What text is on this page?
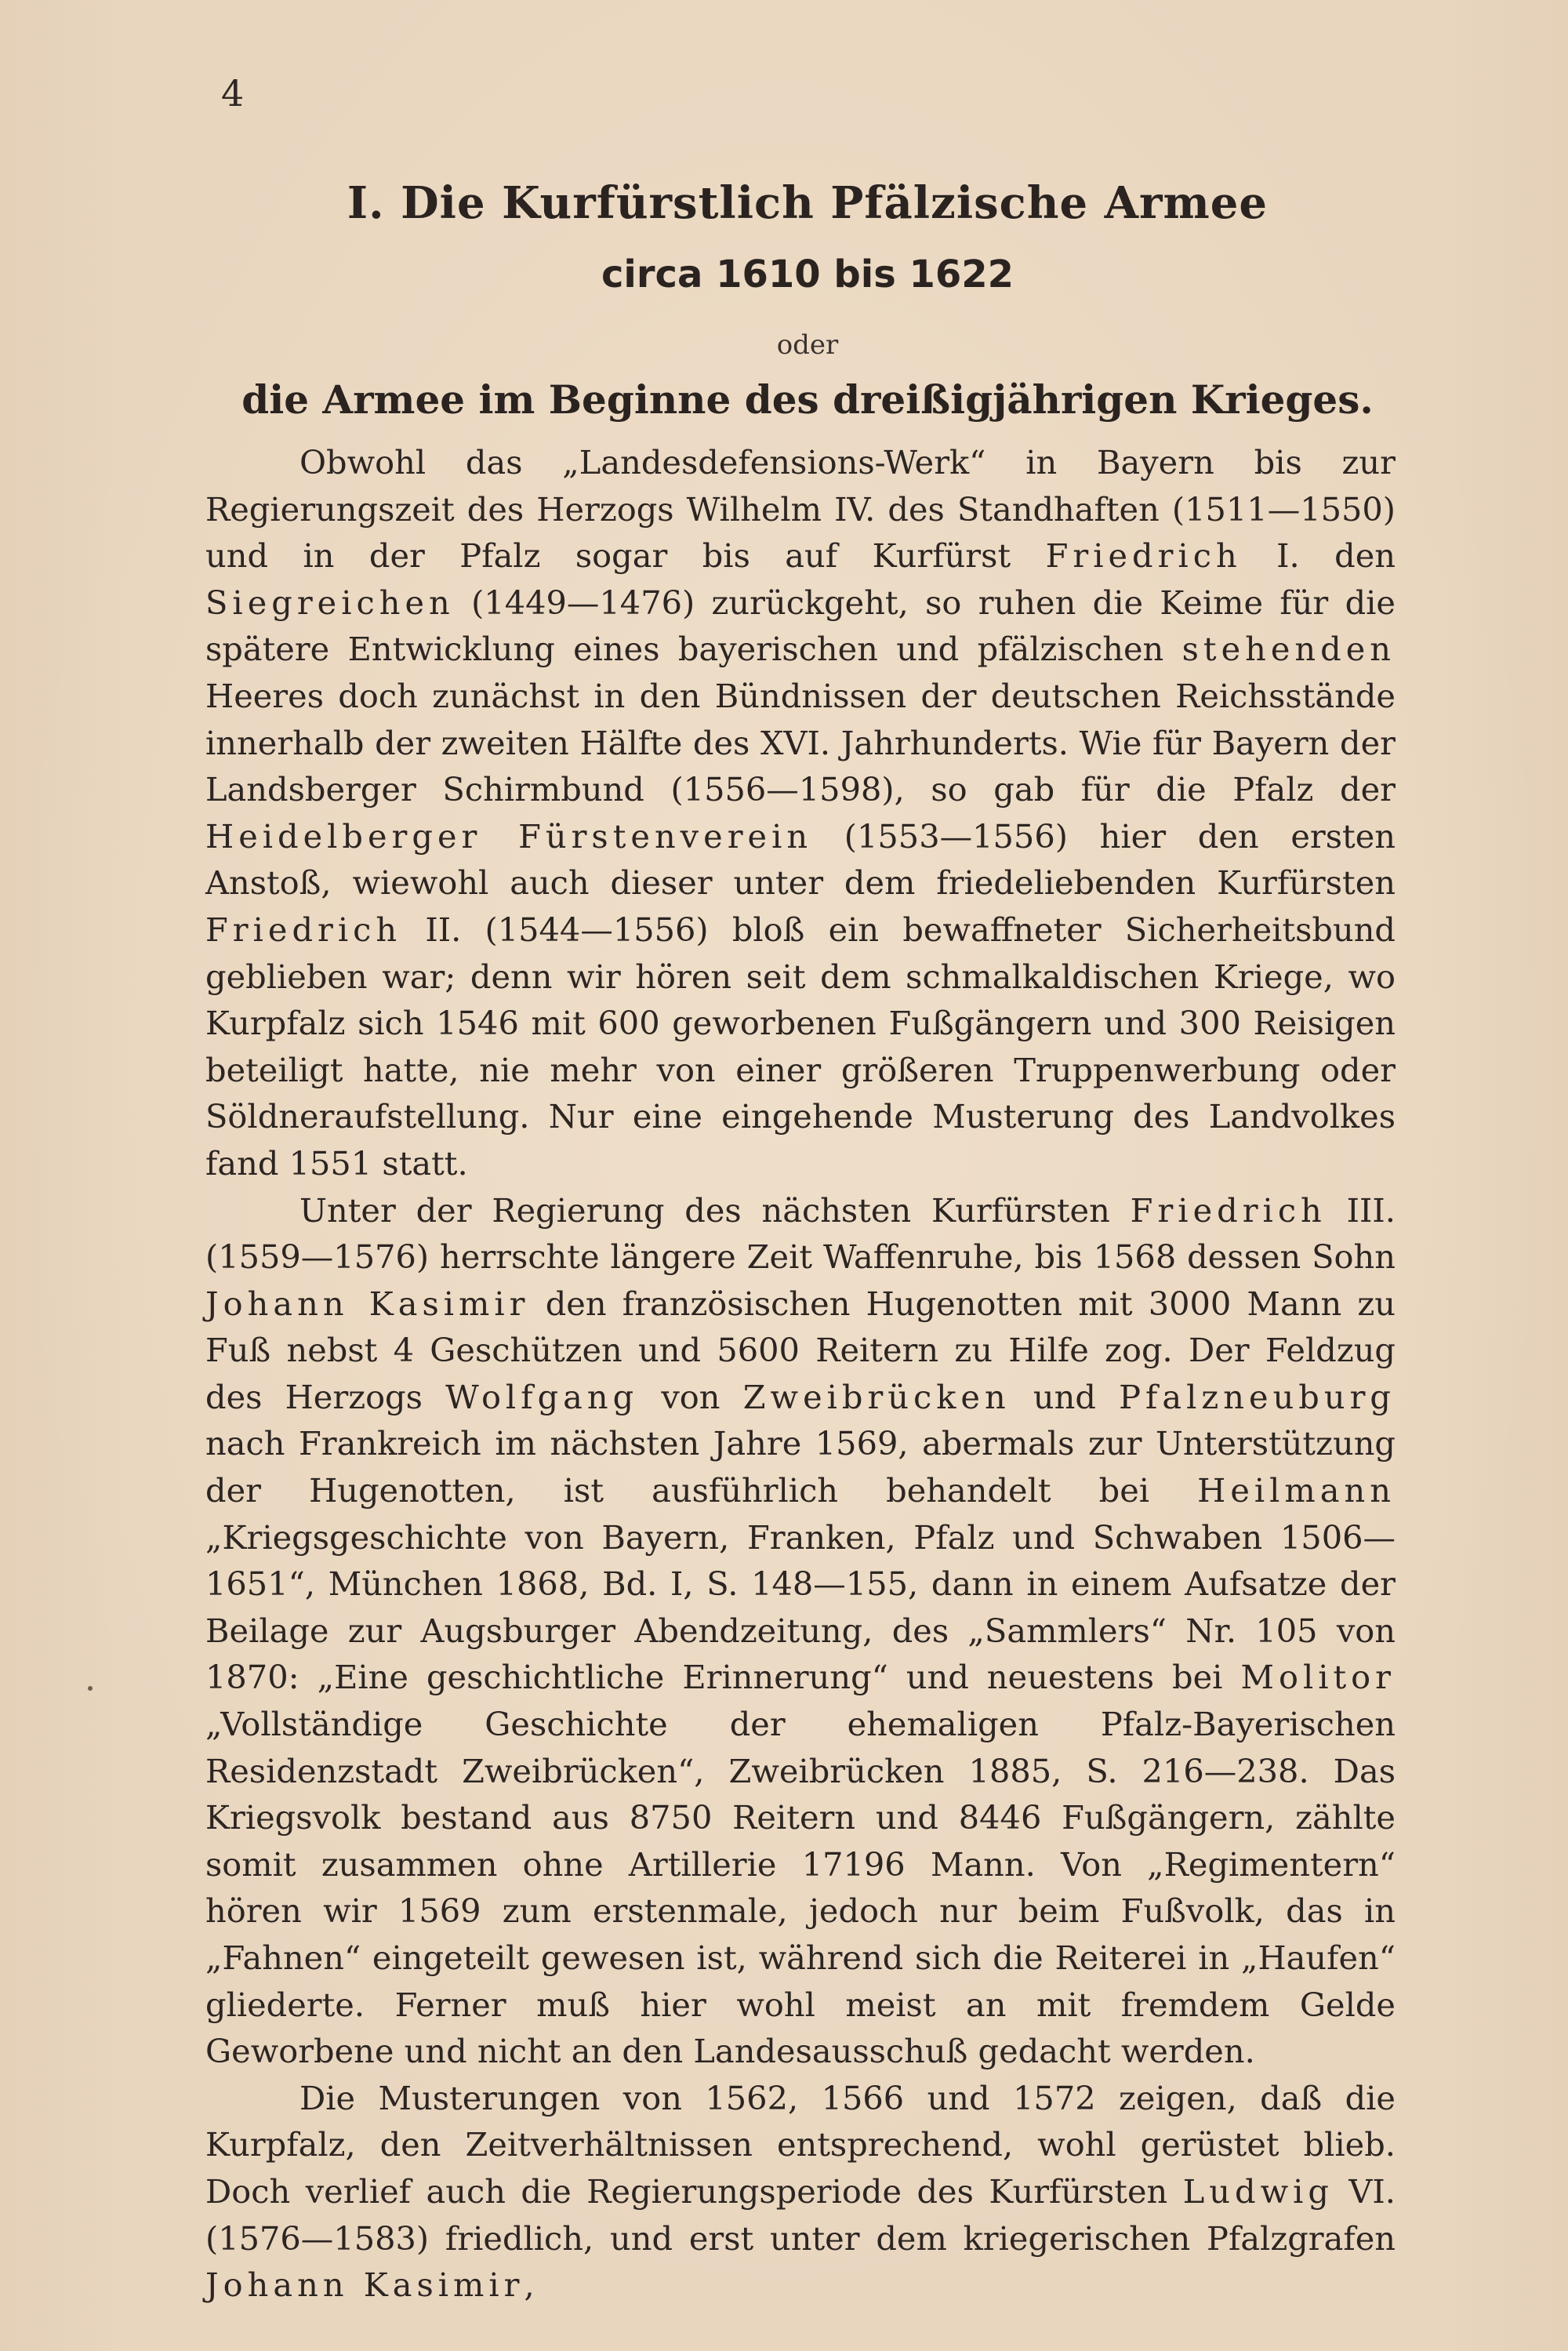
4
I. Die Kurfürstlich Pfälzische Armee
circa 1610 bis 1622
oder
die Armee im Beginne des dreißigjährigen Krieges.

Obwohl das „Landesdefensions-Werk“ in Bayern bis zur Regierungszeit des Herzogs Wilhelm IV. des Standhaften (1511—1550) und in der Pfalz sogar bis auf Kurfürst Friedrich I. den Siegreichen (1449—1476) zurückgeht, so ruhen die Keime für die spätere Entwicklung eines bayerischen und pfälzischen stehenden Heeres doch zunächst in den Bündnissen der deutschen Reichsstände innerhalb der zweiten Hälfte des XVI. Jahrhunderts. Wie für Bayern der Landsberger Schirmbund (1556—1598), so gab für die Pfalz der Heidelberger Fürstenverein (1553—1556) hier den ersten Anstoß, wiewohl auch dieser unter dem friedeliebenden Kurfürsten Friedrich II. (1544—1556) bloß ein bewaffneter Sicherheitsbund geblieben war; denn wir hören seit dem schmalkaldischen Kriege, wo Kurpfalz sich 1546 mit 600 geworbenen Fußgängern und 300 Reisigen beteiligt hatte, nie mehr von einer größeren Truppenwerbung oder Söldneraufstellung. Nur eine eingehende Musterung des Landvolkes fand 1551 statt.

Unter der Regierung des nächsten Kurfürsten Friedrich III. (1559—1576) herrschte längere Zeit Waffenruhe, bis 1568 dessen Sohn Johann Kasimir den französischen Hugenotten mit 3000 Mann zu Fuß nebst 4 Geschützen und 5600 Reitern zu Hilfe zog. Der Feldzug des Herzogs Wolfgang von Zweibrücken und Pfalzneuburg nach Frankreich im nächsten Jahre 1569, abermals zur Unterstützung der Hugenotten, ist ausführlich behandelt bei Heilmann „Kriegsgeschichte von Bayern, Franken, Pfalz und Schwaben 1506—1651“, München 1868, Bd. I, S. 148—155, dann in einem Aufsatze der Beilage zur Augsburger Abendzeitung, des „Sammlers“ Nr. 105 von 1870: „Eine geschichtliche Erinnerung“ und neuestens bei Molitor „Vollständige Geschichte der ehemaligen Pfalz-Bayerischen Residenzstadt Zweibrücken“, Zweibrücken 1885, S. 216—238. Das Kriegsvolk bestand aus 8750 Reitern und 8446 Fußgängern, zählte somit zusammen ohne Artillerie 17196 Mann. Von „Regimentern“ hören wir 1569 zum erstenmale, jedoch nur beim Fußvolk, das in „Fahnen“ eingeteilt gewesen ist, während sich die Reiterei in „Haufen“ gliederte. Ferner muß hier wohl meist an mit fremdem Gelde Geworbene und nicht an den Landesausschuß gedacht werden.

Die Musterungen von 1562, 1566 und 1572 zeigen, daß die Kurpfalz, den Zeitverhältnissen entsprechend, wohl gerüstet blieb. Doch verlief auch die Regierungsperiode des Kurfürsten Ludwig VI. (1576—1583) friedlich, und erst unter dem kriegerischen Pfalzgrafen Johann Kasimir,
